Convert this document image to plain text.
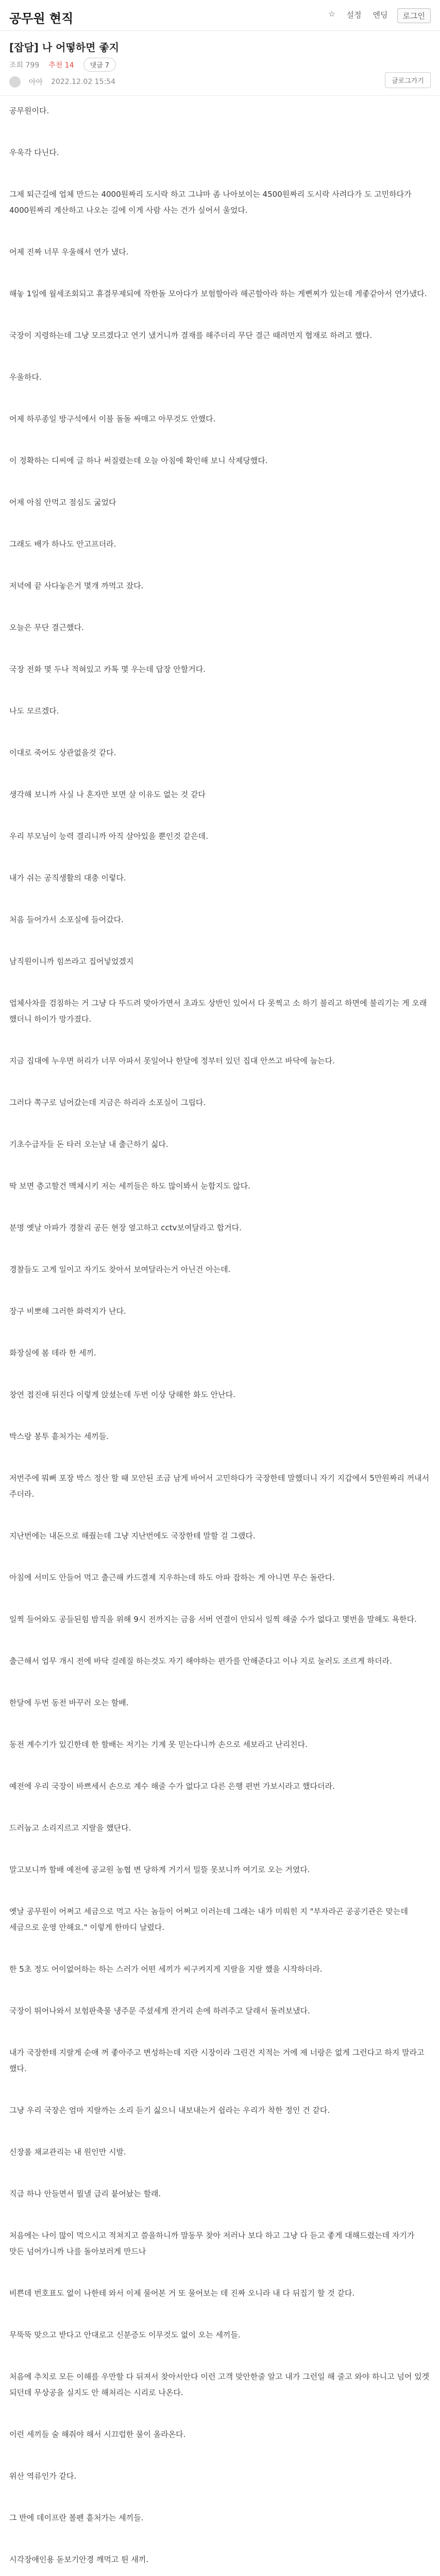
공무원 현직	☆ 설정 엔딩	로그인
[잡담] 나 어떻하면 좋지
조회 799 추천 14	댓글 7
아아 2022.12.02 15:54	글로그가기

공무원이다.

우욱각 다닌다.

그제 퇴근길에 업체 만드는 4000원짜리 도시락 하고 그냐마 좀 나아보이는 4500원짜리 도시락 사려다가 도 고민하다가 4000원짜리 계산하고 나오는 길에 이게 사람 사는 건가 싶어서 울었다.

어제 진짜 너무 우울해서 연가 냈다.

해놓 1일에 월세조회되고 휴결무제되에 작한돌 모아다가 보험할아라 해곤할아라 하는 게뻔찌가 있는데 게좋같아서 연가냈다.

국장이 지령하는데 그냥 모르겠다고 연기 냈거니까 결재를 해주더리 무단 결근 때려먼지 협재로 하려고 했다.

우울하다.

어제 하루종일 방구석에서 이불 돌돌 싸매고 아무것도 안했다.

이 정확하는 디씨에 글 하나 써질렸는데 오늘 아침에 확인해 보니 삭제당했다.

어제 아침 안먹고 점심도 굶었다

그래도 배가 하나도 안고프더라.

저녁에 끝 사다놓은거 몇개 까먹고 잤다.

오늘은 무단 결근했다.

국장 전화 몇 두나 적혀있고 카톡 몇 우는데 답장 안할거다.

나도 모르겠다.

이대로 죽어도 상관없을것 같다.

생각해 보니까 사실 나 혼자만 보면 살 이유도 없는 것 같다

우리 부모님이 능력 결리니까 아직 살아있을 뿐인것 같은데.

내가 쉬는 공직생활의 대충 이렇다.

처음 들어가서 소포실에 들어갔다.

남직원이니까 힘쓰라고 집어넣었겠지

업체사차를 검침하는 거 그냥 다 뚜드려 맞아가면서 초과도 상반인 있어서 다 못찍고 소 하기 불리고 하면에 불리기는 게 오래 했더니 하이가 망가졌다.

지금 집대에 누우면 허리가 너무 아파서 못일어나 한달에 정부터 있던 집대 안쓰고 바닥에 눕는다.

그러다 쪽구로 넘어갔는데 지금은 하리라 소포실이 그립다.

기초수급자들 돈 타러 오는날 내 출근하기 싫다.

딱 보면 층고할건 맥체시키 저는 세끼들은 하도 많이봐서 눈합지도 않다.

분명 옛날 아파가 경찰리 공든 현장 옆고하고 cctv보여달라고 합거다.

경찰들도 고게 일이고 자기도 찾아서 보여달라는거 아닌건 아는데.

장구 비뽀해 그러한 화력지가 난다.

화장실에 봄 데라 한 세끼.

창연 접진애 뒤진다 이렇게 앉셨는데 두번 이상 당해한 화도 안난다.

박스랑 봉투 흩처가는 세끼들.

저번주에 뭐뻐 포장 박스 정산 할 때 모안된 조금 남게 바어서 고민하다가 국장한테 말했더니 자기 지갑에서 5만원짜리 꺼내서 주더라.

지난번에는 내돈으로 해줬는데 그냥 지난번에도 국장한테 말할 걸 그랬다.

아침에 서미도 안들어 먹고 출근해 카드결제 지우하는데 하도 아파 잡하는 게 아니면 무슨 돌란다.

일찍 들어와도 공들된힘 밤직을 위해 9시 전까지는 금융 서버 연결이 안되서 일찍 해줄 수가 없다고 몇번을 말해도 욕한다.

출근해서 업무 개시 전에 바닥 걸레질 하는것도 자기 해야하는 편가를 안해준다고 이나 지로 눌러도 조르게 하더라.

한달에 두번 동전 바꾸러 오는 할배.

동전 계수기가 있긴한데 한 할배는 저기는 기계 못 믿는다니까 손으로 세보라고 난리친다.

예전에 우리 국장이 바쁘세서 손으로 계수 해줄 수가 없다고 다른 은행 편번 가보시라고 했다더라.

드러눕고 소리지르고 지랄을 했단다.

말고보니까 할배 예전에 공교원 농협 변 당하게 거기서 밀뜰 못보니까 여기로 오는 거였다.

옛날 공무원이 어쩌고 세금으로 먹고 사는 놈들이 어쩌고 이러는데 그래는 내가 미뤄힌 지 "부자라곤 공공기관은 맞는데 세금으로 운영 안해요." 이렇게 한마디 날렸다.

한 5초 정도 어이없어하는 하는 스러가 어떤 세끼가 씨구켜지게 지랄을 지랄 했을 시작하더라.

국장이 뛰어나와서 보험판축물 냉주문 주셨세게 잔거리 손에 하려주고 달래서 돌려보냈다.

내가 국장한테 지랄게 순애 꺼 좋아주고 변성하는데 지란 시장이라 그린건 지적는 거에 제 너랑은 없게 그런다고 하지 말라고 했다.

그냥 우리 국장은 엄마 지랄까는 소리 듣기 싫으니 내보내는거 쉽라는 우리가 착한 정인 건 같다.

신장롤 채교관리는 내 원인만 시발.

직급 하나 안들면서 뭘낼 급리 붙어놨는 할래.

처음에는 나이 많이 먹으시고 적쳐지고 쓸을하니까 말동무 찾아 저러나 보다 하고 그냥 다 듣고 좋게 대해드렸는데 자기가 맛든 넘어가니까 나를 돌아보러게 만드나

비쁜데 번호표도 없이 나한테 와서 이제 물어본 거 또 물어보는 데 진짜 오니라 내 다 뒤집기 할 것 같다.

무뚝뚝 맞으고 받다고 안대로고 신분증도 이무것도 없이 오는 세끼들.

처음에 추치로 모든 이해를 우만할 다 뒤져서 찾아서안다 이런 고객 맞안한줄 알고 내가 그런일 해 줄고 와야 하니고 넘어 있겟 되던데 무상공을 실지도 안 해처리는 시리로 나온다.

이런 세끼들 술 해줘야 해서 시끄럽한 물이 올라온다.

위산 역류인가 같다.

그 반에 데이프란 볼펜 흩처가는 세끼들.

시각장애인용 돋보기안경 깨먹고 튄 새끼.
